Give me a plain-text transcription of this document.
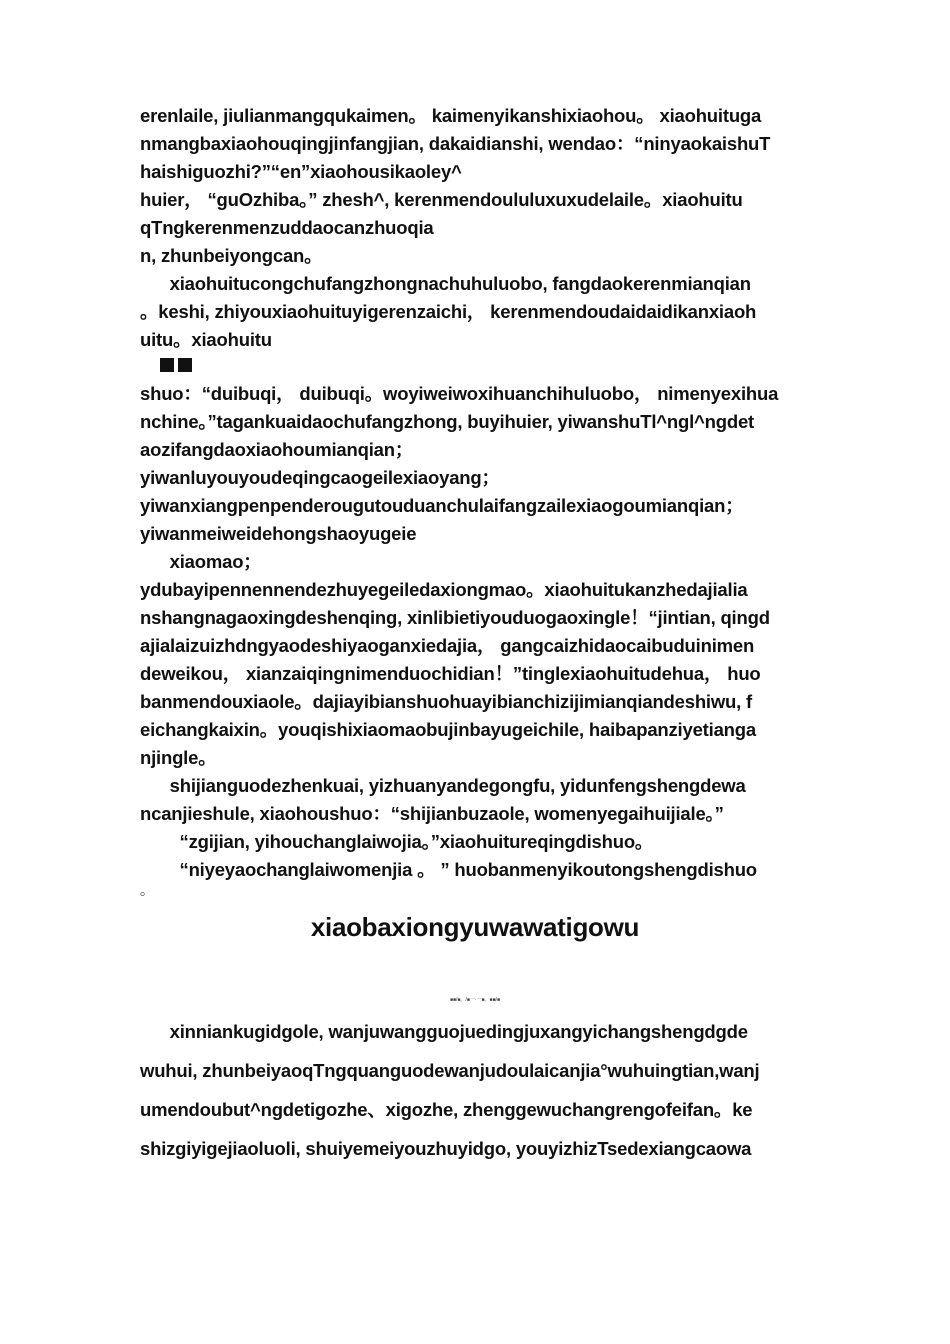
erenlaile, jiulianmangqukaimen。 kaimenyikanshixiaohou。 xiaohuituga
nmangbaxiaohouqingjinfangjian, dakaidianshi, wendao：“ninyaokaishuT
haishiguozhi?”“en”xiaohousikaoley^
huier， “guOzhiba。” zhesh^, kerenmendoululuxuxudelaile。xiaohuitu
qTngkerenmenzuddaocanzhuoqia
n, zhunbeiyongcan。
xiaohuitucongchufangzhongnachuhuluobo, fangdaokerenmianqian
。keshi, zhiyouxiaohuituyigerenzaichi， kerenmendoudaidaidikanxiaoh
uitu。xiaohuitu
shuo：“duibuqi， duibuqi。woyiweiwoxihuanchihuluobo， nimenyexihua
nchine。”tagankuaidaochufangzhong, buyihuier, yiwanshuTl^ngl^ngdet
aozifangdaoxiaohoumianqian；
yiwanluyouyoudeqingcaogeilexiaoyang；
yiwanxiangpenpenderougutouduanchulaifangzailexiaogoumianqian；
yiwanmeiweidehongshaoyugeie
xiaomao；
ydubayipennennendezhuyegeiledaxiongmao。xiaohuitukanzhedajialia
nshangnagaoxingdeshenqing, xinlibietiyouduogaoxingle！“jintian, qingd
ajialaizuizhdngyaodeshiyaoganxiedajia， gangcaizhidaocaibuduinimen
deweikou， xianzaiqingnimenduochidian！”tinglexiaohuitudehua， huo
banmendouxiaole。dajiayibianshuohuayibianchizijimianqiandeshiwu, f
eichangkaixin。youqishixiaomaobujinbayugeichile, haibapanziyetianga
njingle。
shijianguodezhenkuai, yizhuanyandegongfu, yidunfengshengdewa
ncanjieshule, xiaohoushuo：“shijianbuzaole, womenyegaihuijiale。”
“zgijian, yihouchanglaiwojia。”xiaohuitureqingdishuo。
“niyeyaochanglaiwomenjia 。 ” huobanmenyikoutongshengdishuo
。
xiaobaxiongyuwawatigowu
■■/■。/■一·一■。■■/■
xinniankugidgole, wanjuwangguojuedingjuxangyichangshengdgde
wuhui, zhunbeiyaoqTngquanguodewanjudoulaicanjia°wuhuingtian,wanj
umendoubut^ngdetigozhe、xigozhe, zhenggewuchangrengofeifan。ke
shizgiyigejiaoluoli, shuiyemeiyouzhuyidgo, youyizhizTsedexiangcaowa
